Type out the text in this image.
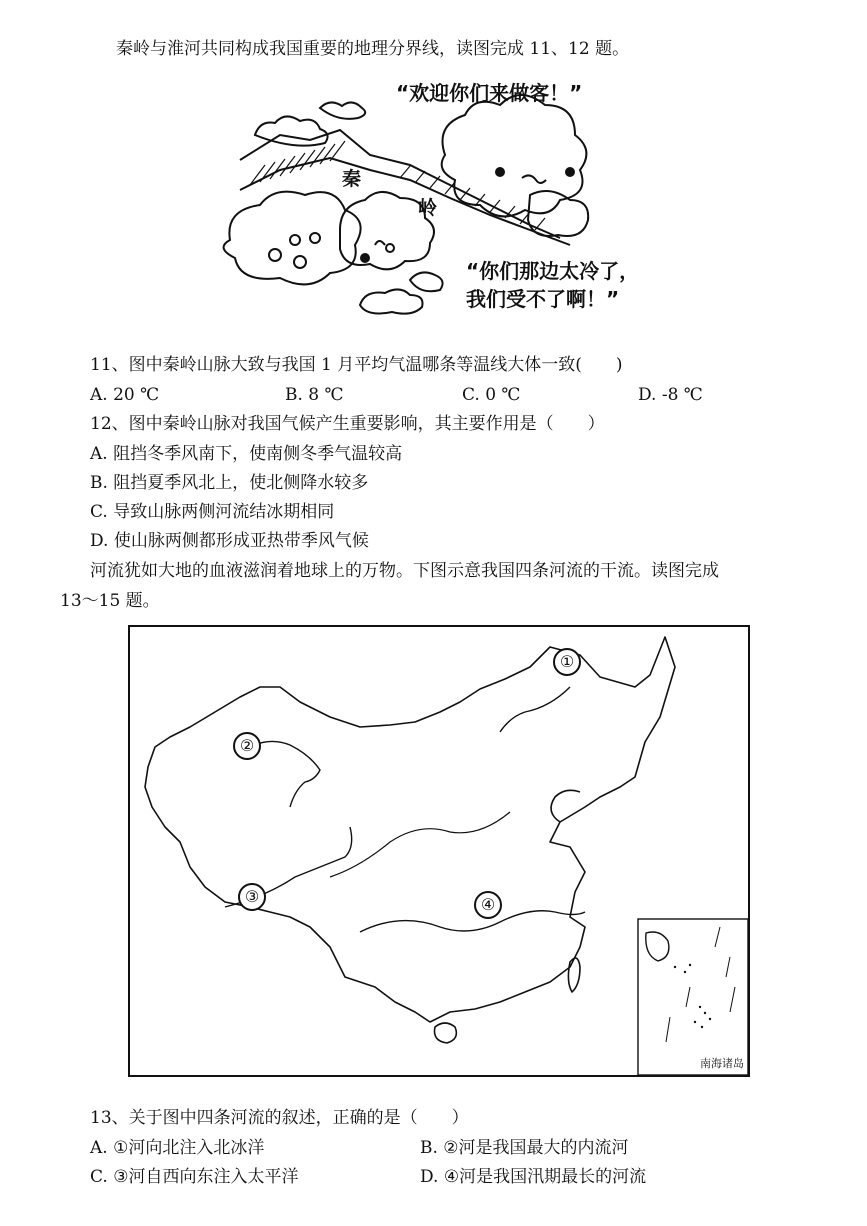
秦岭与淮河共同构成我国重要的地理分界线，读图完成 11、12 题。
秦
岭
“欢迎你们来做客！”
“你们那边太冷了，
我们受不了啊！”
11、图中秦岭山脉大致与我国 1 月平均气温哪条等温线大体一致(　　)
A. 20 ℃	B. 8 ℃	C. 0 ℃	D. -8 ℃
12、图中秦岭山脉对我国气候产生重要影响，其主要作用是（　　）
A. 阻挡冬季风南下，使南侧冬季气温较高
B. 阻挡夏季风北上，使北侧降水较多
C. 导致山脉两侧河流结冰期相同
D. 使山脉两侧都形成亚热带季风气候
河流犹如大地的血液滋润着地球上的万物。下图示意我国四条河流的干流。读图完成
13～15 题。
①
②
③	④
南海诸岛
13、关于图中四条河流的叙述，正确的是（　　）
A. ①河向北注入北冰洋	B. ②河是我国最大的内流河
C. ③河自西向东注入太平洋	D. ④河是我国汛期最长的河流
